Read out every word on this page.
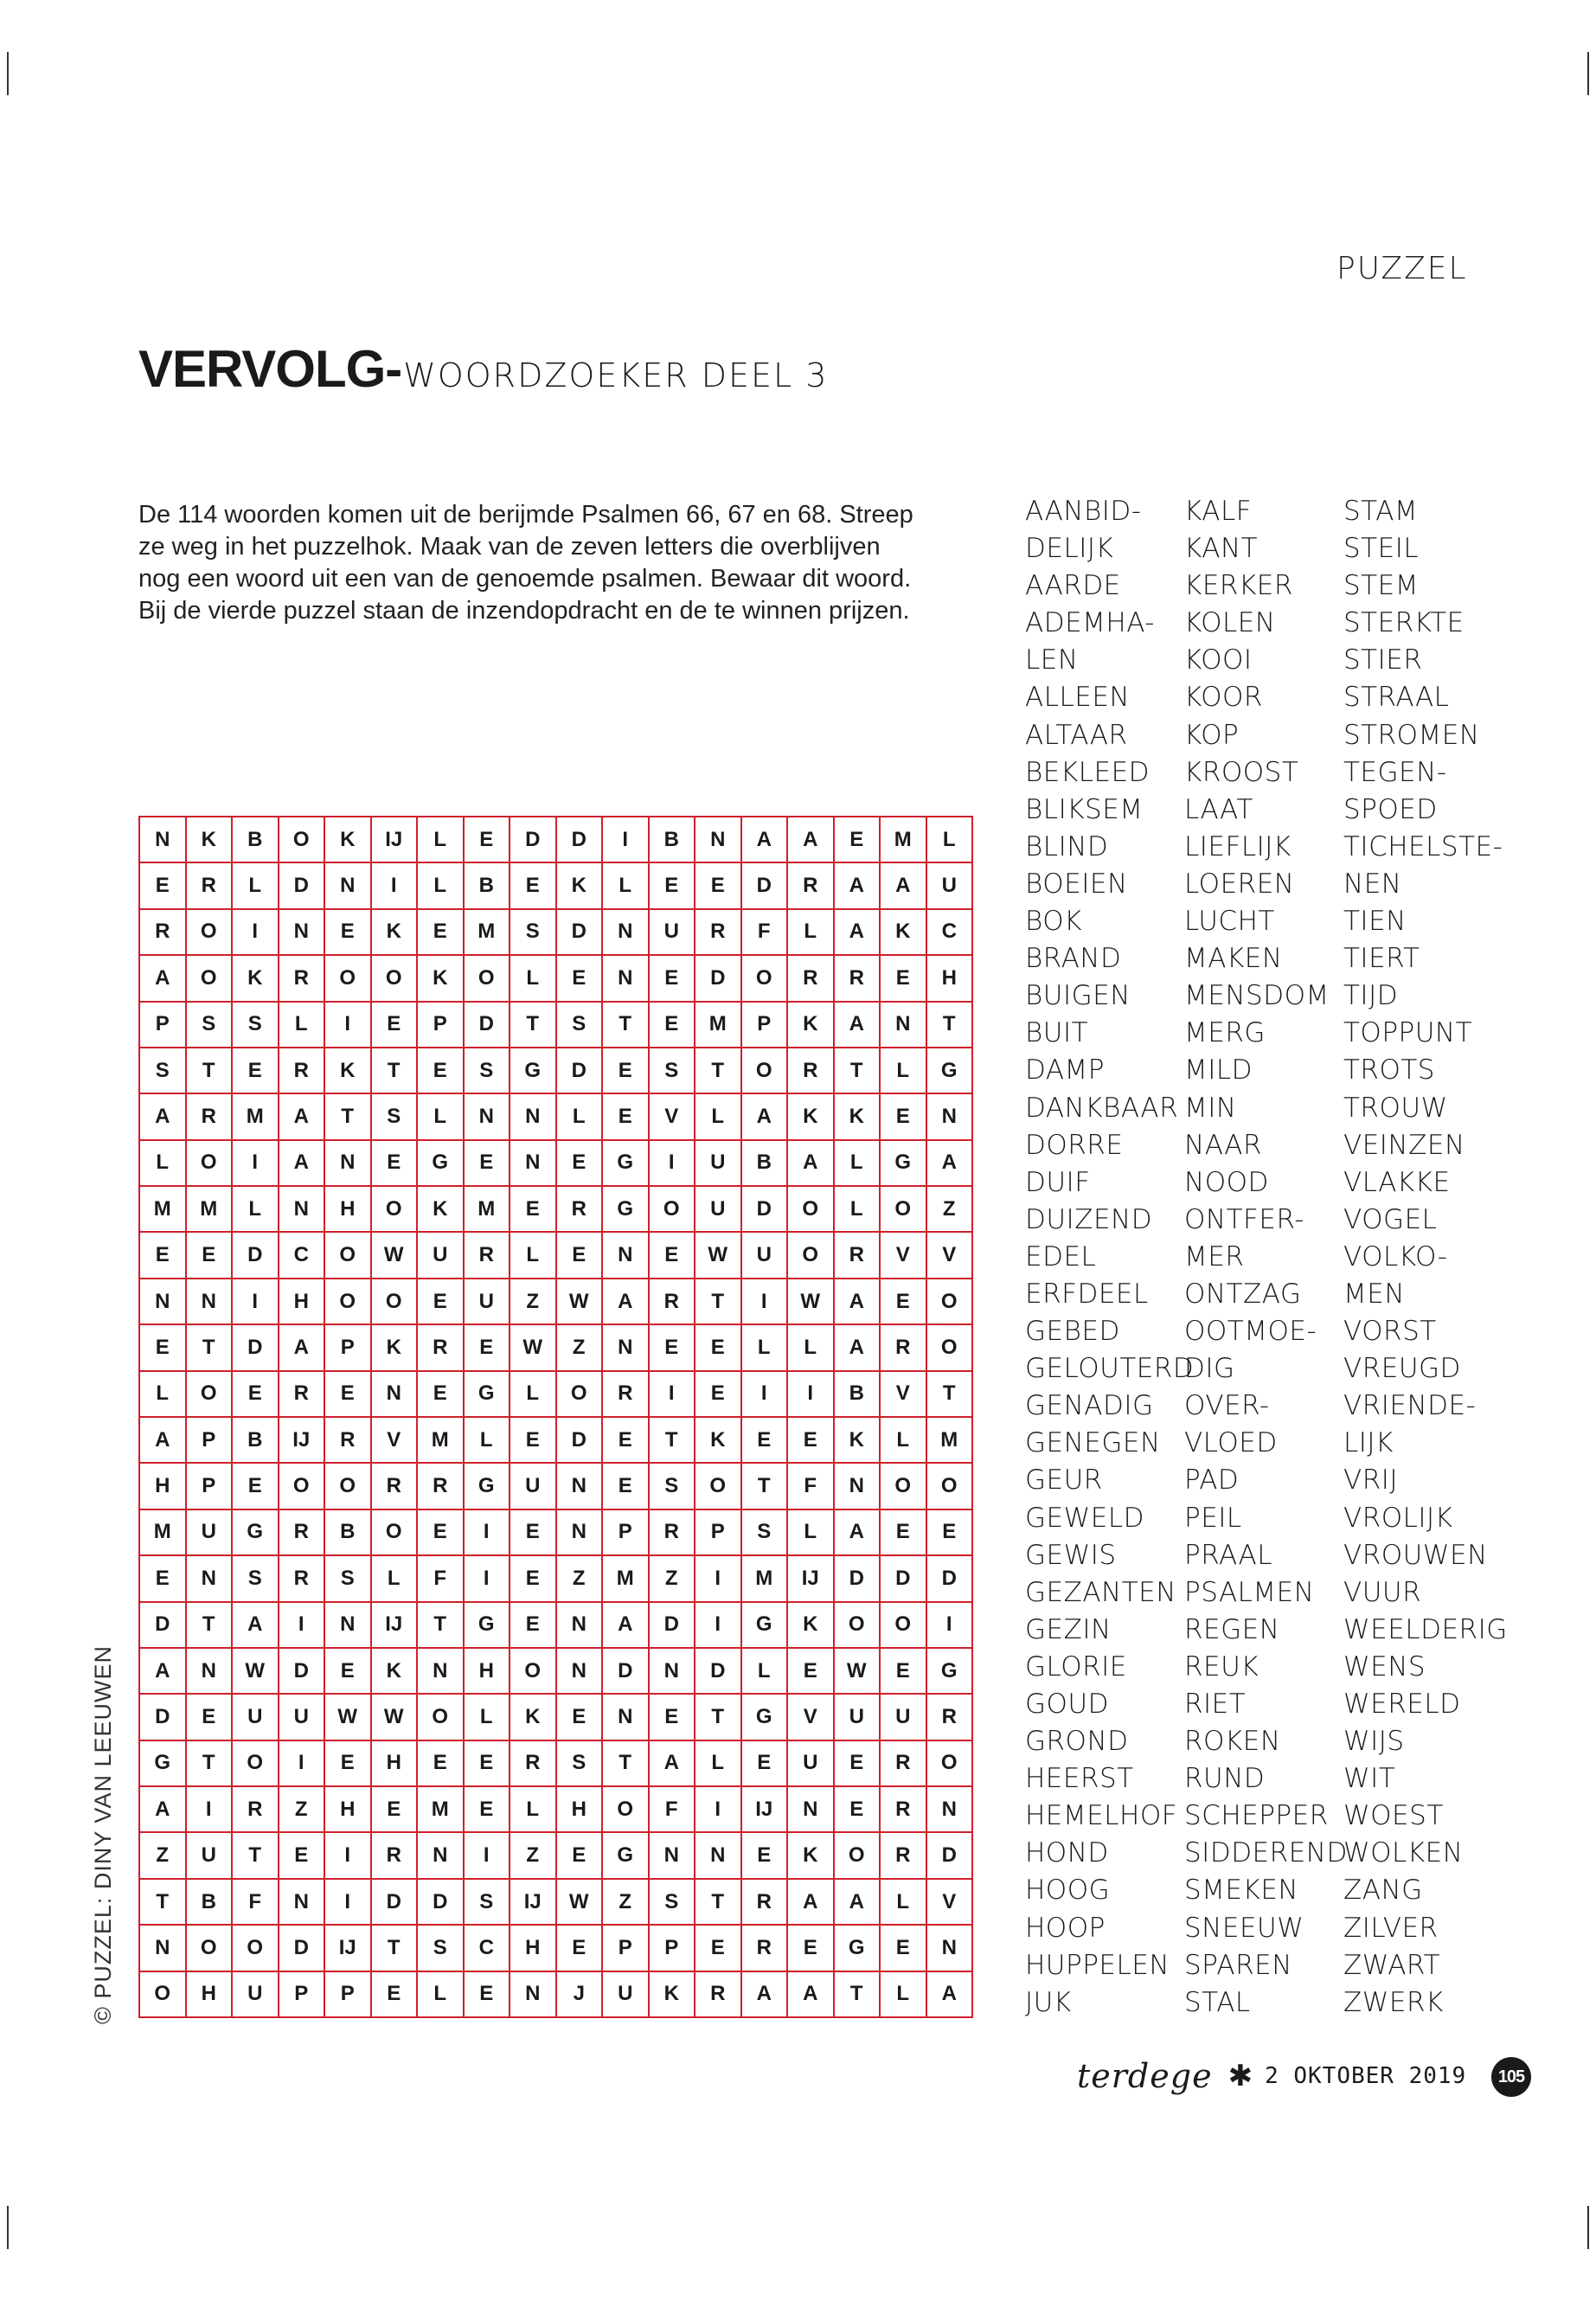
PUZZEL
VERVOLG- WOORDZOEKER DEEL 3
De 114 woorden komen uit de berijmde Psalmen 66, 67 en 68. Streep
ze weg in het puzzelhok. Maak van de zeven letters die overblijven
nog een woord uit een van de genoemde psalmen. Bewaar dit woord.
Bij de vierde puzzel staan de inzendopdracht en de te winnen prijzen.
N	K	B	O	K	IJ	L	E	D	D	I	B	N	A	A	E	M	L
E	R	L	D	N	I	L	B	E	K	L	E	E	D	R	A	A	U
R	O	I	N	E	K	E	M	S	D	N	U	R	F	L	A	K	C
A	O	K	R	O	O	K	O	L	E	N	E	D	O	R	R	E	H
P	S	S	L	I	E	P	D	T	S	T	E	M	P	K	A	N	T
S	T	E	R	K	T	E	S	G	D	E	S	T	O	R	T	L	G
A	R	M	A	T	S	L	N	N	L	E	V	L	A	K	K	E	N
L	O	I	A	N	E	G	E	N	E	G	I	U	B	A	L	G	A
M	M	L	N	H	O	K	M	E	R	G	O	U	D	O	L	O	Z
E	E	D	C	O	W	U	R	L	E	N	E	W	U	O	R	V	V
N	N	I	H	O	O	E	U	Z	W	A	R	T	I	W	A	E	O
E	T	D	A	P	K	R	E	W	Z	N	E	E	L	L	A	R	O
L	O	E	R	E	N	E	G	L	O	R	I	E	I	I	B	V	T
A	P	B	IJ	R	V	M	L	E	D	E	T	K	E	E	K	L	M
H	P	E	O	O	R	R	G	U	N	E	S	O	T	F	N	O	O
M	U	G	R	B	O	E	I	E	N	P	R	P	S	L	A	E	E
E	N	S	R	S	L	F	I	E	Z	M	Z	I	M	IJ	D	D	D
D	T	A	I	N	IJ	T	G	E	N	A	D	I	G	K	O	O	I
A	N	W	D	E	K	N	H	O	N	D	N	D	L	E	W	E	G
D	E	U	U	W	W	O	L	K	E	N	E	T	G	V	U	U	R
G	T	O	I	E	H	E	E	R	S	T	A	L	E	U	E	R	O
A	I	R	Z	H	E	M	E	L	H	O	F	I	IJ	N	E	R	N
Z	U	T	E	I	R	N	I	Z	E	G	N	N	E	K	O	R	D
T	B	F	N	I	D	D	S	IJ	W	Z	S	T	R	A	A	L	V
N	O	O	D	IJ	T	S	C	H	E	P	P	E	R	E	G	E	N
O	H	U	P	P	E	L	E	N	J	U	K	R	A	A	T	L	A
© PUZZEL: DINY VAN LEEUWEN
AANBID-
DELIJK
AARDE
ADEMHA-
LEN
ALLEEN
ALTAAR
BEKLEED
BLIKSEM
BLIND
BOEIEN
BOK
BRAND
BUIGEN
BUIT
DAMP
DANKBAAR
DORRE
DUIF
DUIZEND
EDEL
ERFDEEL
GEBED
GELOUTERD
GENADIG
GENEGEN
GEUR
GEWELD
GEWIS
GEZANTEN
GEZIN
GLORIE
GOUD
GROND
HEERST
HEMELHOF
HOND
HOOG
HOOP
HUPPELEN
JUK
KALF
KANT
KERKER
KOLEN
KOOI
KOOR
KOP
KROOST
LAAT
LIEFLIJK
LOEREN
LUCHT
MAKEN
MENSDOM
MERG
MILD
MIN
NAAR
NOOD
ONTFER-
MER
ONTZAG
OOTMOE-
DIG
OVER-
VLOED
PAD
PEIL
PRAAL
PSALMEN
REGEN
REUK
RIET
ROKEN
RUND
SCHEPPER
SIDDEREND
SMEKEN
SNEEUW
SPAREN
STAL
STAM
STEIL
STEM
STERKTE
STIER
STRAAL
STROMEN
TEGEN-
SPOED
TICHELSTE-
NEN
TIEN
TIERT
TIJD
TOPPUNT
TROTS
TROUW
VEINZEN
VLAKKE
VOGEL
VOLKO-
MEN
VORST
VREUGD
VRIENDE-
LIJK
VRIJ
VROLIJK
VROUWEN
VUUR
WEELDERIG
WENS
WERELD
WIJS
WIT
WOEST
WOLKEN
ZANG
ZILVER
ZWART
ZWERK
terdege ✱ 2 OKTOBER 2019	105
